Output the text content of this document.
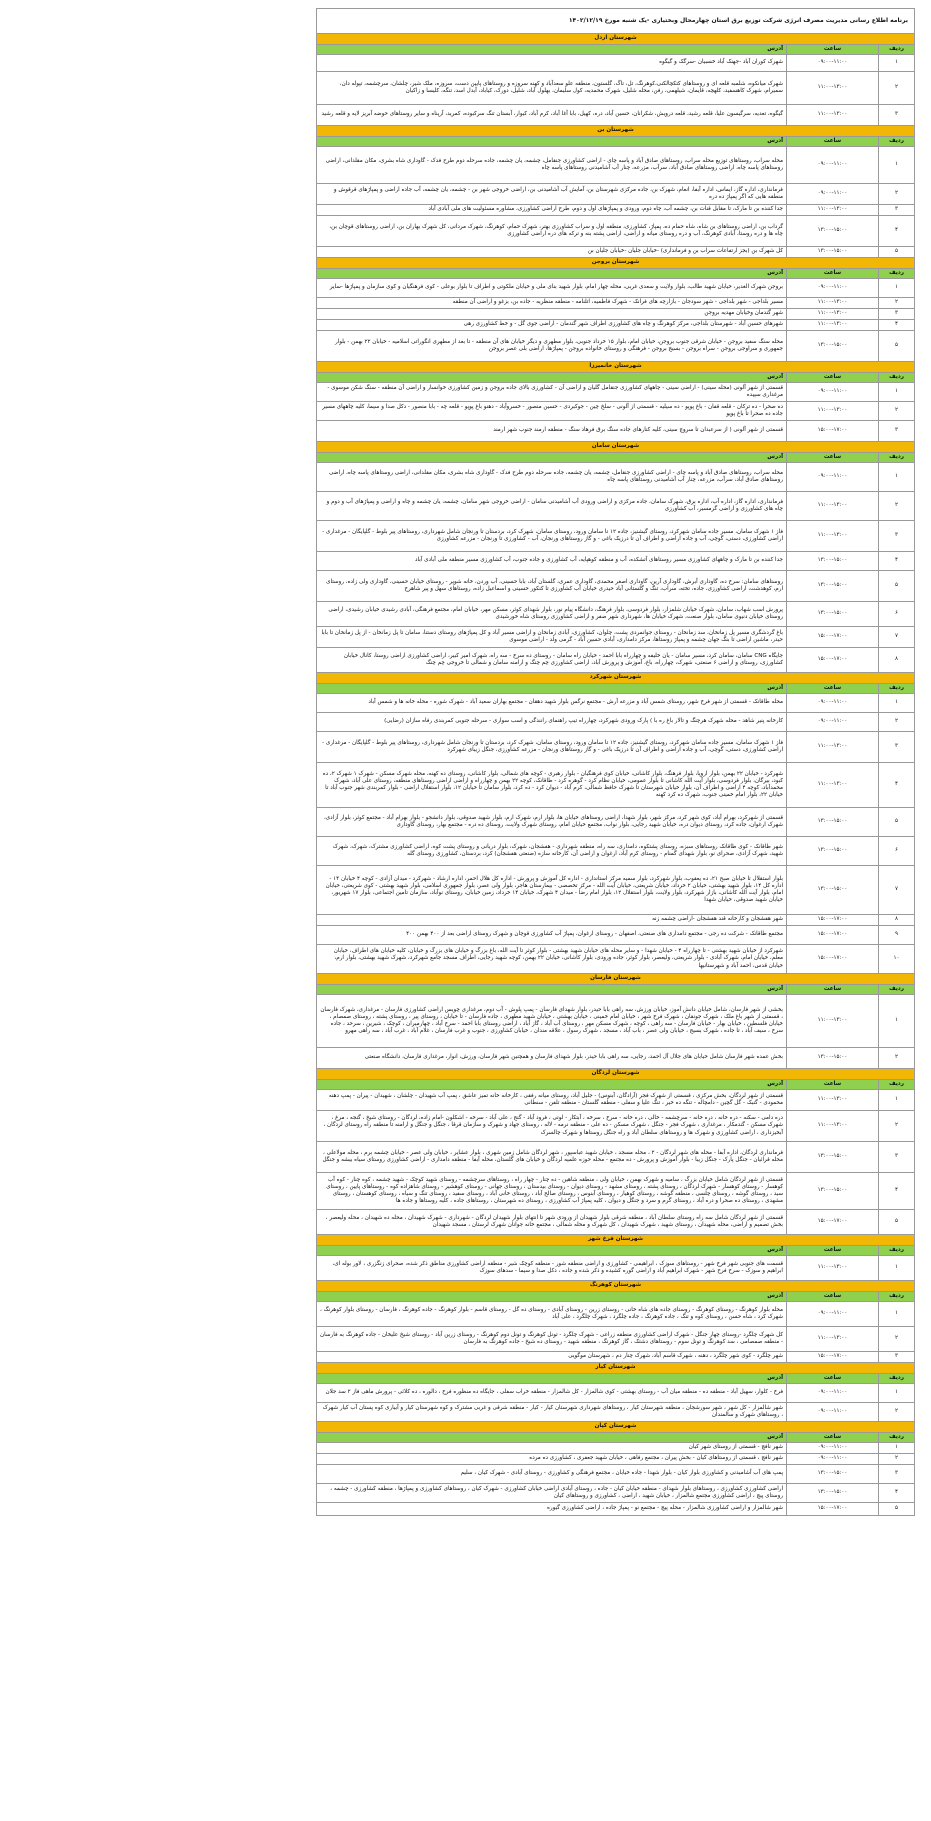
برنامه اطلاع رسانی مدیریت مصرف انرژی شرکت توزیع برق استان چهارمحال وبختیاری -یک شنبه مورخ ۱۴۰۲/۱۲/۱۹		
شهرستان اردل		
ردیف	ساعت	آدرس
۱	۰۹:۰۰-۱۱:۰۰	شهرک کوران آباد -جهنک آباد خسبیان -سرگک و گیگوه
۲	۱۱:۰۰-۱۳:۰۰	شهرک میانکوه، شلمبه قلعه ای و روستاهای کتکچالکنی،کوهرنگ، تل، تاگ، گلستون، منطقه علو سعدآباد و کهنه سروزه و روستاهای پایین دست، سروزه، ملک شیر، چلشان، سرچشمه، تپوله دان، سمیرام، شهرک کاهسفید، کلهچه، قایمان، شیلهمی، رفن، محله شلیل، شهرک محمدیه، کول سلیمان، بهلول آباد، شلیل، دورک، کیاباد، آبدل اسد، تنگه، کلیسا و زاکیان
۳	۱۱:۰۰-۱۳:۰۰	گیگوه، تعدیه، سرگیسون علیا، قلعه رشید، قلعه درویش، شکرانان، حسین آباد، دره، کهیل، بابا آغا آباد، کرم آباد، کیوار، آبستان تنگ سرکبوده، کمرید، آرپناه و سایر روستاهای حوضه آبریز لایه و قلعه رشید
شهرستان بن		
ردیف	ساعت	آدرس
۱	۰۹:۰۰-۱۱:۰۰	محله سراب، روستاهای توزیع محله سراب، روستاهای صادق آباد و پاسه چای - اراضی کشاورزی جنقامل، چشمه، یان چشمه، جاده سرحله دوم طرح فدک - گاوداری شاه بشری، مکان مقلدانی، اراضی روستاهای پاسه چاه، اراضی روستاهای صادق آباد، سرآب، مزرعه، چنار آب آشامیدنی روستاهای پاسه چاه
۲	۰۹:۰۰-۱۱:۰۰	فرمانداری، اداره گاز، ایماس، اداره آبفا، انعام، شهرک بن، جاده مرکزی شهرستان بن، آمایش آب آشامیدنی بن، اراضی خروجی شهر بن - چشمه، یان چشمه، آب جاده اراضی و پمپاژهای قرقوش و منطقه هایی که اگر پمپاژ ده دره
۳	۱۱:۰۰-۱۳:۰۰	جدا کننده بن تا مارک، تا مقابل قنات بن، چشمه آب، چاه دوم، ورودی و پمپاژهای اول و دوم، طرح اراضی کشاورزی، مشاوره مسئولیت های ملی آبادی آباد
۴	۱۳:۰۰-۱۵:۰۰	گرداب بن، اراضی روستاهای بن شاه، شاه حمام ده، پمپاژ، کشاورزی، منطقه اول و سراب کشاورزی بهتر، شهرک حمام، کوهرنگ، شهرک مردانی، کل شهرک بهاران بن، اراضی روستاهای قوچان بن، چاه ها و دره روستا، آبادی کوهرنگ، آب و دره روستای میانه و اراضی، اراضی پشته بنه و ترکه های دره اراضی کشاورزی
۵	۱۳:۰۰-۱۵:۰۰	کل شهرک بن (بجز ارتفاعات سراب بن و فرمانداری) -خیابان جلیان -خیابان جلیان بن
شهرستان بروجن		
ردیف	ساعت	آدرس
۱	۰۹:۰۰-۱۱:۰۰	بروجن شهرک الغدیر، خیابان شهید طالب، بلوار ولایت و سعدی غربی، محله چهار امام، بلوار شهید بنای ملی و خیابان ملکوتی و اطراف تا بلوار بوعلی - کوی فرهنگیان و کوی سازمان و پمپاژها -سایر
۲	۱۱:۰۰-۱۳:۰۰	مسیر بلداجی - شهر بلداجی - شهر سودجان - بازارچه های فرانک - شهرک فاطمیه، اتلنامه - منطقه منظریه - جاده بن، بزغو و اراضی آن منطقه
۳	۱۱:۰۰-۱۳:۰۰	شهر گندمان وخیابان مهدیه بروجن
۴	۱۱:۰۰-۱۳:۰۰	شهرهای حسین آباد - شهرستان بلداجی، مرکز کوهرنگ و چاه های کشاورزی اطراف شهر گندمان - اراضی جوی گل - و خط کشاورزی رهی
۵	۱۳:۰۰-۱۵:۰۰	محله سنگ سفید بروجن - خیابان شرقی جنوب بروجن، خیابان امام، بلوار ۱۵ خرداد جنوبی، بلوار مطهری و دیگر خیابان های آن منطقه - تا بعد از مطهری انگوراتی اسلامیه - خیابان ۲۲ بهمن - بلوار جمهوری و سراوجی بروجن - سراه بروجن - بسیج بروجن - فرهنگی و روستای خانواده بروجن - پمپاژها، اراضی بلی عصر بروجن
شهرستان خانمیرزا		
ردیف	ساعت	آدرس
۱	۰۹:۰۰-۱۱:۰۰	قسمتی از شهر آلونی (محله سینی) - اراضی سینی - چاههای کشاورزی جنقامل گلیان و اراضی آن - کشاورزی بالای جاده بروجن و زمین کشاورزی خوانسار و اراضی آن منطقه - سنگ شکن موسوی - مرغداری سپیده
۲	۱۱:۰۰-۱۳:۰۰	ده صحرا - ده تركان - قلعه قفان - باغ پوپو - ده سیلیه - قسمتی از آلونی - سلخ چین - جوکبردی - حسین منصور - خسروآباد - دهنو باغ پوپو - قلعه چه - بابا منصور - دکل صدا و سیما، کلیه چاههای مسیر جاده ده صحرا تا باغ پوپو
۳	۱۵:۰۰-۱۷:۰۰	قسمتی از شهر آلونی ( از سرعبدان تا سروچ سینی، کلیه کنارهای جاده سنگ برق فرهاد سنگ - منطقه ارمند جنوب شهر ارمند
شهرستان سامان		
ردیف	ساعت	آدرس
۱	۰۹:۰۰-۱۱:۰۰	محله سراب، روستاهای صادق آباد و پاسه چای - اراضی کشاورزی جنقامل، چشمه، یان چشمه، جاده سرحله دوم طرح فدک - گاوداری شاه بشری، مکان مقلدانی، اراضی روستاهای پاسه چاه، اراضی روستاهای صادق آباد، سرآب، مزرعه، چنار آب آشامیدنی روستاهای پاسه چاه
۲	۱۱:۰۰-۱۳:۰۰	فرمانداری، اداره گاز، اداره آب، اداره برق، شهرک سامان، جاده مرکزی و اراضی ورودی آب آشامیدنی سامان - اراضی خروجی شهر سامان، چشمه، یان چشمه و چاه و اراضی و پمپاژهای آب و دوم و چاه های کشاورزی و اراضی گرمسیر، آب کشاورزی
۳	۱۱:۰۰-۱۳:۰۰	فاز ۱ شهرک سامان، مسیر جاده سامان شهرکرد، روستای گیشنیز، جاده ۱۲ تا سامان ورود، روستای سامان، شهرک کرد، بردستان تا ورنجان شامل شهرداری، روستاهای پیر بلوط - گلپایگان - مرغداری - اراضی کشاورزی، دستی، گوچی، آب و جاده اراضی و اطراف آن تا درزیک باغی - و گاز روستاهای ورنجان، آب - کشاورزی تا ورنجان - مزرعه کشاورزی
۴	۱۳:۰۰-۱۵:۰۰	جدا کننده بن تا مارک و چاههای کشاورزی مسیر روستاهای آتشکده، آب و منطقه کوهپایه، آب کشاورزی و جاده جنوب، آب کشاورزی مسیر منطقه ملی آبادی آباد
۵	۱۳:۰۰-۱۵:۰۰	روستاهای سامان: سرخ ده، گاوداری آبرش، گاوداری آرین، گاوداری اصغر محمدی، گاوداری عمری، گلستان آباد، بابا حسینی، آب وردن، خانه شوپر - روستای خیابان حسینی، گاوداری ولی زاده، روستای ارم، کوهدشت، اراضی کشاورزی، جاده، تخته، سراب، تنگ و گلستانی آباد حیدری خیابان آب کشاورزی تا کنکور حسینی و اسماعیل زاده، روستاهای سهل و پیر شاهرخ
۶	۱۳:۰۰-۱۵:۰۰	پرورش اسب شهاب، سامان، شهرک خیابان شلمزار، بلوار فردوسی، بلوار فرهنگ، دانشگاه پیام نور، بلوار شهدای کوثر، مسکن مهر، خیابان امام، مجتمع فرهنگی، آبادی رشیدی خیابان رشیدی، اراضی روستای خیابان دنیوی سامان، بلوار صنعت، شهرک خیابان ها، شهرداری شهر صفر و اراضی کشاورزی روستای شاه خورشیدی
۷	۱۵:۰۰-۱۷:۰۰	باغ گردشگری مسیر پل زمانخان، سد زمانخان - روستای جوانمردی پشت، چلوان، کشاورزی، آبادی زمانخان و اراضی مسیر آباد و کل پمپاژهای روستای دستنا، سامان تا پل زمانخان - از پل زمانخان تا بابا حیدر، ماشین اراضی تا بنگ جهان چشمه و پمپاژ روستاها، مرکز دامداری، آبادی حسین آباد - گرمی ولد - اراضی موسوی
۸	۱۵:۰۰-۱۷:۰۰	جایگاه CNG سامان، سامان کرد، مسیر سامان - یان خلیفه و چهارراه بابا احمد - خیابان راه سامان - روستای ده سرخ - سه راه، شهرک امیر کبیر، اراضی کشاورزی اراضی روستا، کانال خیابان کشاورزی، روستای و اراضی ۶ صنعتی، شهرک، چهارراه، باغ، آموزش و پرورش آباد، اراضی کشاورزی چم چنگ و ارامنه سامان و شمالی تا خروجی چم چنگ
شهرستان شهرکرد		
ردیف	ساعت	آدرس
۱	۰۹:۰۰-۱۱:۰۰	محله طاقانک - قسمتی از شهر فرخ شهر، روستای شمس آباد و مزرعه آرش - مجتمع نرگس بلوار شهید دهقان - مجتمع بهاران سعید آباد - شهرک شوره - محله خانه ها و شمس آباد
۲	۰۹:۰۰-۱۱:۰۰	کارخانه پنیر شاهد - محله شهرک هرچنگ و تالار باغ ره با ) پارک ورودی شهرکرد، چهارراه تیپ راهنمای رانندگی و اسب سواری - سرحله جنوبی کمربندی رفاه سازان (رضایی)
۳	۱۱:۰۰-۱۳:۰۰	فاز ۱ شهرک سامان، مسیر جاده سامان شهرکرد، روستای گیشنیز، جاده ۱۲ تا سامان ورود، روستای سامان، شهرک کرد، بردستان تا ورنجان شامل شهرداری، روستاهای پیر بلوط - گلپایگان - مرغداری - اراضی کشاورزی، دستی، گوچی، آب و جاده اراضی و اطراف آن تا درزیک باغی - و گاز روستاهای ورنجان - مزرعه کشاورزی، جنگل زیبای شهرکرد
۴	۱۱:۰۰-۱۳:۰۰	شهرکرد - خیابان ۲۲ بهمن، بلوار اروپا، بلوار فرهنگ، بلوار کاشانی، خیابان کوی فرهنگیان - بلوار رهبری - کوچه های شمالی، بلوار کاشانی، روستای ده کهنه، محله شهرک مسکن - شهرک ۱ شهرک ۲، ده کبود، بیرگان، بلوار فردوسی، بلوار آیت الله کاشانی تا بلوار عمومی، خیابان نظام کرد - گوهره کرد - طاقانک، کوچه ۲۲ بهمن و چهارراه و اراضی اراضی روستاهای منطقه، روستای علی آباد، شهرک محمدآباد، کوچه ۴ اراضی و اطراف آن، بلوار خیابان شهرستان تا شهرک حافظ شمالی، کرم آباد - دیوان کرد - ده کرد، بلوار سامان تا خیابان ۱۲، بلوار استقلال اراضی - بلوار کمربندی شهر جنوب آباد تا خیابان ۲۲، بلوار امام خمینی جنوب، شهرک ده کرد کهنه
۵	۱۳:۰۰-۱۵:۰۰	قسمتی از شهرکرد، بهرام آباد، کوی شهر کرد، مرکز شهر، بلوار شهدا، اراضی روستاهای خیابان ها، بلوار ارم، شهرک ارم، بلوار شهید صدوقی، بلوار دانشجو - بلوار بهرام آباد - مجتمع کوثر، بلوار آزادی، شهرک ارغوان، جاده کرد، روستای دیوان دره، خیابان شهید رجایی، بلوار نواب، مجتمع خیابان امام، روستای شهرک ولایت، روستای ده دره - مجتمع بهار، روستای گاوداری
۶	۱۳:۰۰-۱۵:۰۰	شهر طاقانک - کوی طاقانک روستاهای سبزه، روستای پشتکوه، دامداری، سه راه، منطقه شهرداری - هفشجان، شهرک، بلوار دریانی و روستای پشت کوه، اراضی کشاورزی مشترک، شهرک، شهرک شهید، شهرک آزادی، صحرای نو، بلوار شهدای گمنام - روستای کرم آباد، ارغوان و اراضی آن، کارخانه سازه (صنعتی هفشجان) کرد، بردستان، کشاورزی روستای گله
۷	۱۳:۰۰-۱۵:۰۰	بلوار استقلال تا خیابان صبح ۲۱، ده یعقوب، بلوار شهرکرد، بلوار سمیه مرکز استانداری - اداره کل آموزش و پرورش - اداره کل هلال احمر، اداره ارشاد - شهرکرد - میدان آزادی - کوچه ۴ خیابان ۱۴ - اداره کل ۱۴، بلوار شهید بهشتی، خیابان ۲ خرداد، خیابان شریعتی، خیابان آیت الله - مرکز تخصصی - بیمارستان هاجر، بلوار ولی عصر، بلوار جمهوری اسلامی، بلوار شهید بهشتی - کوی شریعتی، خیابان امام، بلوار آیت الله کاشانی، بازار شهرکرد، بلوار ولایت، بلوار استقلال ۱۲، بلوار امام رضا - میدان ۴ شهرک، خیابان ۱۴ خرداد، زمین خیابان، روستای نوآباد، سازمان تامین اجتماعی، بلوار ۱۷ شهریور، خیابان شهید صدوقی، خیابان شهدا
۸	۱۵:۰۰-۱۷:۰۰	شهر هفشجان و کارخانه قند هفشجان -اراضی چشمه زنه
۹	۱۵:۰۰-۱۷:۰۰	مجتمع طاقانک - شرکت ده رجی - مجتمع دامداری های صنعتی، اصفهان - روستای ارغوان، پمپاژ آب کشاورزی قوچان و شهرک روستای اراضی بعد از ۴۰۰ بهمن ۴۰۰
۱۰	۱۵:۰۰-۱۷:۰۰	شهرکرد از خیابان شهید بهشتی - تا چهارراه ۴ - خیابان شهدا - و سایر محله های خیابان شهید بهشتی - بلوار کوثر تا آیت الله، باغ بزرگ و خیابان های بزرگ و خیابان، کلیه خیابان های اطراف، خیابان معلم، خیابان امام، شهرک آبادی - بلوار شریعتی، ولیعصر، بلوار کوثر، جاده ورودی، بلوار کاشانی، خیابان ۲۲ بهمن، کوچه شهید رجایی، اطراف مسجد جامع شهرکرد، شهرک شهید بهشتی، بلوار ارم، خیابان قدس، احمد آباد و شهرستانیها
شهرستان فارسان		
ردیف	ساعت	آدرس
۱	۱۱:۰۰-۱۳:۰۰	بخشی از شهر فارسان، شامل خیابان دانش آموز، خیابان ورزش، سه راهی بابا حیدر، بلوار شهدای فارسان - پمپ پلوش - آب دوم، مرغداری چویس اراضی کشاورزی فارسان - مرغداری، شهرک فارسان ، قسمتی از شهر باغ ملک ، شهرک جونقان ، شهرک فرخ شهر ، خیابان امام خمینی ، خیابان بهشتی ، خیابان شهید مطهری ، جاده فارسان - تا خیابان ، روستای پیر ، روستای پشته ، روستای صمصام ، خیابان فلسطین ، خیابان بهار - خیابان فارسان - سه راهی ، کوچه ، شهرک مسکن مهر ، روستای آب آباد ، گاز آباد ، اراضی روستای بابا احمد - سرخ آباد ، چهارمیران ، کوچک ، شیرین ، سرحد ، جاده سرخ ، سیف آباد ، تا جاده ، شهرک بسیج ، خیابان ولی عصر ، باب آباد ، مسجد ، شهرک رسول ، علاقه مندان ، خیابان کشاورزی ، جنوب و غرب فارسان ، غلام آباد ، غرب آباد ، سه راهی مهرو
۲	۱۳:۰۰-۱۵:۰۰	بخش عمده شهر فارسان شامل خیابان های جلال آل احمد، رجایی، سه راهی بابا حیدر، بلوار شهدای فارسان و همچنین شهر فارسان، ورزش، انوار، مرغداری فارسان، دانشگاه صنعتی
شهرستان لردگان		
ردیف	ساعت	آدرس
۱	۱۱:۰۰-۱۳:۰۰	قسمتی از شهر لردگان، بخش مرکزی ، قسمتی از شهرک فجر (آرادگان، آبنوس) - جلیل آباد، روستای میانه رفقی ، کارخانه خانه تمیز عاشق ، پمپ آب شهیدان - چلشان ، شهیدان - پیران - پمپ دهنه محمودی - گنبک - گل گچین - دامچاله - تنگه ده خیر ، تنگ علیا و سفلی - منطقه گلستان - منطقه تلفن - سنطانی
۲	۱۱:۰۰-۱۳:۰۰	دره دامی - سکنه - دره خانه ، دره خانه - سرچشمه - خالی ، دره خانه - سرخ ، سرخه ، آبتکار - لوتی ، فرود آباد - گنج ، علی آباد - سرخه - اشکلون -امام زاده، لردگان - روستای شیخ ، گنجه ، مرغ ، شهرک مسکن - گندمکار ، مرغداری ، شهرک فجر - جنگل ، شهرک مسکن - ده علی - منطقه نرمه - لاله ، روستای جهاد و شهرک و سازمان قرقا ، جنگل و جنگل و ارامنه تا منطقه راه روستای لردگان ، آبخیزداری ، اراضی کشاورزی و شهرک ها و روستاهای سلطان آباد و راه جنگل روستاها و شهرک چالسرک
۳	۱۳:۰۰-۱۵:۰۰	فرمانداری لردگان، اداره آبفا - محله های شهر لردگان - ۲ ، محله مسجد ، خیابان شهید عباسپور ، شهر لردگان شامل زمین شهری ، بلوار عشایر ، خیابان ولی عصر - خیابان چشمه برم ، محله مولاعلی ، محله قرائیان - جنگل پارک - جنگل زیبا - بلوار آموزش و پرورش - ده مجتمع - محله حوزه علمیه لردگان و خیابان های گلستان، محله آبفا - منطقه دامداری - اراضی کشاورزی روستای سیاه بیشه و جنگل
۴	۱۳:۰۰-۱۵:۰۰	قسمتی از شهر لردگان شامل خیابان بزرگ ، سامیه و شهرک بهمن ، خیابان ولی ، منطقه شاهین - ده چنار - چهار راه ، روستاهای سرچشمه - روستای شهید کوچک - شهید چشمه ، کوه چنار - کوه آب کوهسار - روستای کوهسار - شهرک لردگان ، روستای پشته ، روستای مشهد - روستای دیوان - روستای بیدستان ، روستای جهانی - روستای کوهشیر - روستای شاهزاده کوه - روستاهای پایین ، روستای سید ، روستای گوشه ، روستای چلسی ، منطقه گوشه ، روستای کوهیار ، روستای آبنوس ، روستای صالح آباد ، روستای خانی آباد ، روستای سفید ، روستای تنگ و سیاه ، روستای کوهستان ، روستای مشهدی ، روستای ده صحرا و دره آباد ، روستای گرم و سرد و جنگل و دیوان ، کلیه پمپاژ آب کشاورزی ، روستای ده شهرستان ، روستاهای جاده ، کلیه روستاها و جاده ها
۵	۱۵:۰۰-۱۷:۰۰	قسمتی از شهر لردگان شامل سه راه روستای سلطان آباد ، منطقه شرقی بلوار شهیدان از ورودی شهر تا انتهای بلوار شهیدان لردگان - شهرداری - شهرک شهیدان ، محله ده شهیدان ، محله ولیعصر ، بخش تصمیم و اراضی، محله شهیدان ، روستای شهید ، شهرک شهیدان ، کل شهرک و محله شمالی ، مجتمع خانه جوانان شهرک لرستان ، مسجد شهیدان
شهرستان فرخ شهر		
ردیف	ساعت	آدرس
۱	۱۱:۰۰-۱۳:۰۰	قسمت های جنوبی شهر فرخ شهر - روستاهای سوزک ، ابراهیمی - کشاورزی و اراضی منطقه شور - منطقه کوچک شیر - منطقه اراضی کشاورزی مناطق ذکر شده، صحرای زنگزری ، لاور بوله ای، ابراهیم و سوزک - سرخ فرخ شهر - شهرک ابراهیم آباد و اراضی گوره کشیده و ذکر شده و جاده ، دکل صدا و سیما - سدهای سوزک
شهرستان کوهرنگ		
ردیف	ساعت	آدرس
۱	۰۹:۰۰-۱۱:۰۰	محله بلوار کوهرنگ - روستای کوهرنگ - روستای جاده های شاه خانی - روستای زرین - روستای آبادی - روستای ده گل - روستای قاسم - بلوار کوهرنگ - جاده کوهرنگ ، فارسان - روستای بلوار کوهرنگ ، شهرک کرد ، شاه حسن ، روستای کوه و تنگ ، جاده کوهرنگ ، جاده چلگرد ، شهرک چلگرد ، علی آباد
۲	۱۱:۰۰-۱۳:۰۰	کل شهرک چلگرد -روستای چهار جنگل - شهرک اراضی کشاورزی منطقه زراعی - شهرک چلگرد - تونل کوهرنگ و تونل دوم کوهرنگ - روستای زرین آباد - روستای شیخ علیخان - جاده کوهرنگ به فارسان - منطقه صمصامی ، سد کوهرنگ و تونل سوم - روستاهای دشتک ، گاز کوهرنگ ، منطقه شهید - روستای ده شیخ - جاده کوهرنگ به فارسان
۳	۱۵:۰۰-۱۷:۰۰	شهر چلگرد - کوی شهر چلگرد ، دهنه ، شهرک قاسم آباد، شهرک چنار دم ، شهرستان موگویی
شهرستان کیار		
ردیف	ساعت	آدرس
۱	۰۹:۰۰-۱۱:۰۰	فرخ - کلوار، سهیل آباد - منطقه ده - منطقه میان آب - روستای بهشتی - کوی شالمزار - کل شالمزار - منطقه خراب سفلی ، جایگاه ده منظوره فرخ ، دالوره ، ده کلائی - پرورش ماهی فاز ۲ سد جلان
۲	۰۹:۰۰-۱۱:۰۰	شهر شالمزار - کل شهر ، شهر سورشجان ، منطقه شهرستان کیار ، روستاهای شهرداری شهرستان کیار - کیار - منطقه شرقی و غربی مشترک و کوه شهرستان کیار و آبیاری کوه پستان آب کیار شهرک ، روستاهای شهرک و سالمندان
شهرستان کیان		
ردیف	ساعت	آدرس
۱	۰۹:۰۰-۱۱:۰۰	شهر نافچ - قسمتی از روستای شهر کیان
۲	۰۹:۰۰-۱۱:۰۰	شهر نافچ ، قسمتی از روستاهای کیان - بخش پیران ، مجتمع رفاهی ، خیابان شهید جعفری ، کشاورزی ده مرده
۳	۱۳:۰۰-۱۵:۰۰	پمپ های آب آشامیدنی و کشاورزی بلوار کیان - بلوار شهدا - جاده خیابان ، مجتمع فرهنگی و کشاورزی - روستای آبادی - شهرک کیان ، سلیم
۴	۱۳:۰۰-۱۵:۰۰	اراضی کشاورزی کشاورزی ، روستاهای بلوار شهدای - منطقه خیابان کیان - جاده ، روستای آبادی اراضی خیابان کشاورزی - شهرک کیان ، روستاهای کشاورزی و پمپاژها ، منطقه کشاورزی - چشمه ، روستای پیچ ، اراضی کشاورزی مجتمع شالمزار ، خیابان شهید ، اراضی ، کشاورزی و روستاهای کیان
۵	۱۵:۰۰-۱۷:۰۰	شهر شالمزار و اراضی کشاورزی شالمزار - محله پیچ - مجتمع نو - پمپاژ جاده ، اراضی کشاورزی گیوره
